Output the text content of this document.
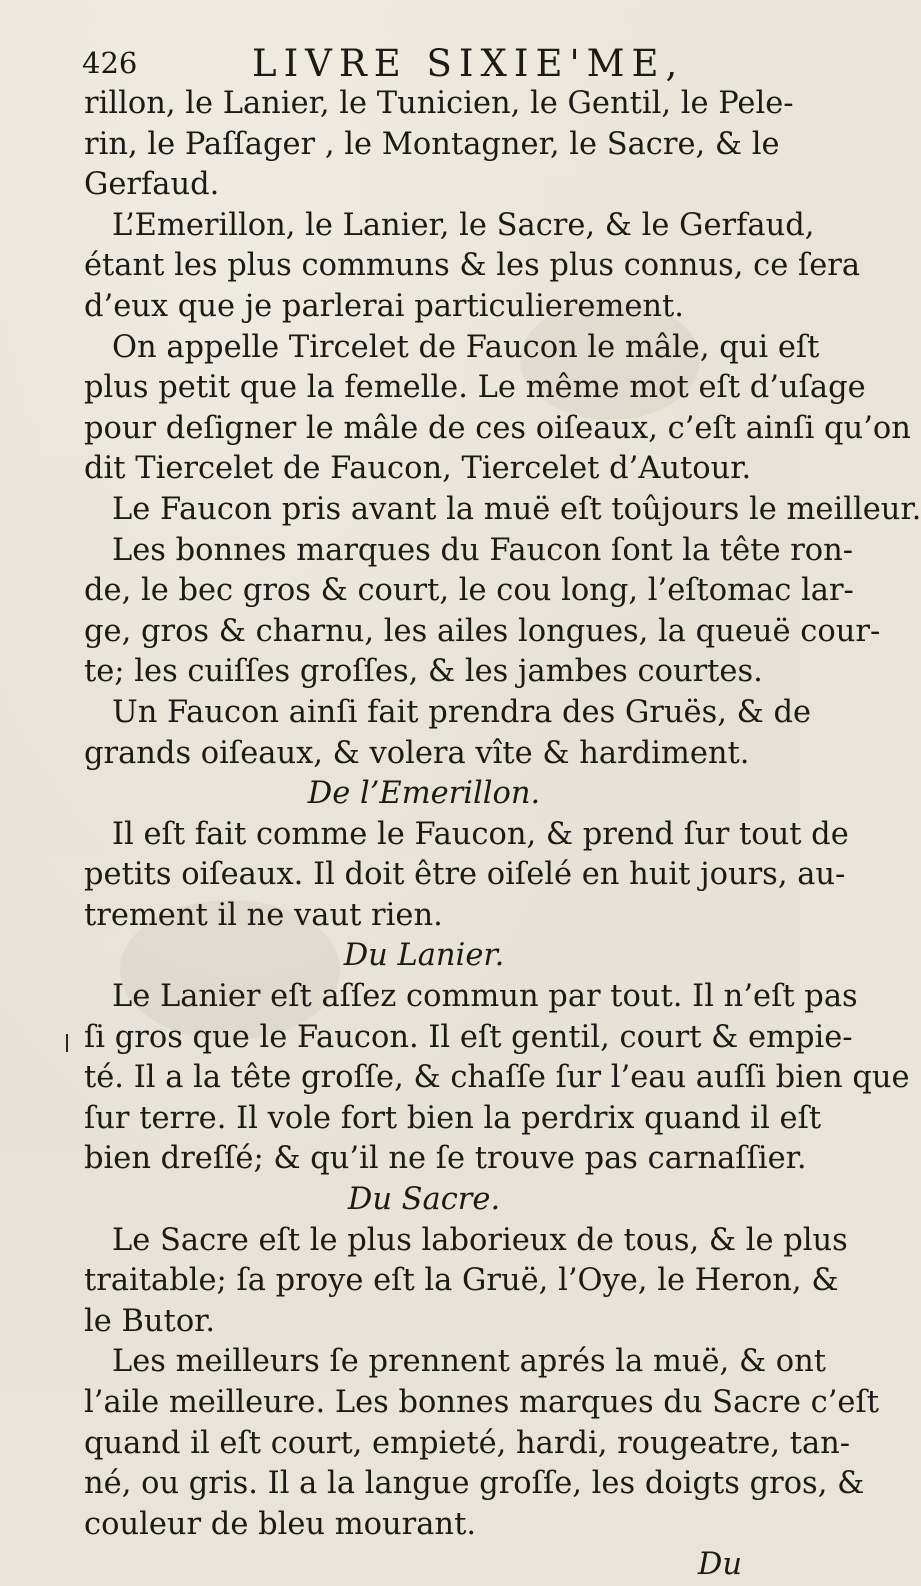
426	LIVRE SIXIE'ME,
rillon, le Lanier, le Tunicien, le Gentil, le Pele-
rin, le Paſſager , le Montagner, le Sacre, & le
Gerfaud.
L’Emerillon, le Lanier, le Sacre, & le Gerfaud,
étant les plus communs & les plus connus, ce ſera
d’eux que je parlerai particulierement.
On appelle Tircelet de Faucon le mâle, qui eſt
plus petit que la femelle. Le même mot eſt d’uſage
pour deſigner le mâle de ces oiſeaux, c’eſt ainſi qu’on
dit Tiercelet de Faucon, Tiercelet d’Autour.
Le Faucon pris avant la muë eſt toûjours le meilleur.
Les bonnes marques du Faucon ſont la tête ron-
de, le bec gros & court, le cou long, l’eſtomac lar-
ge, gros & charnu, les ailes longues, la queuë cour-
te; les cuiſſes groſſes, & les jambes courtes.
Un Faucon ainſi fait prendra des Gruës, & de
grands oiſeaux, & volera vîte & hardiment.
De l’Emerillon.
Il eſt fait comme le Faucon, & prend ſur tout de
petits oiſeaux. Il doit être oiſelé en huit jours, au-
trement il ne vaut rien.
Du Lanier.
Le Lanier eſt aſſez commun par tout. Il n’eſt pas
ſi gros que le Faucon. Il eſt gentil, court & empie-
té. Il a la tête groſſe, & chaſſe ſur l’eau auſſi bien que
ſur terre. Il vole fort bien la perdrix quand il eſt
bien dreſſé; & qu’il ne ſe trouve pas carnaſſier.
Du Sacre.
Le Sacre eſt le plus laborieux de tous, & le plus
traitable; ſa proye eſt la Gruë, l’Oye, le Heron, &
le Butor.
Les meilleurs ſe prennent aprés la muë, & ont
l’aile meilleure. Les bonnes marques du Sacre c’eſt
quand il eſt court, empieté, hardi, rougeatre, tan-
né, ou gris. Il a la langue groſſe, les doigts gros, &
couleur de bleu mourant.
Du
